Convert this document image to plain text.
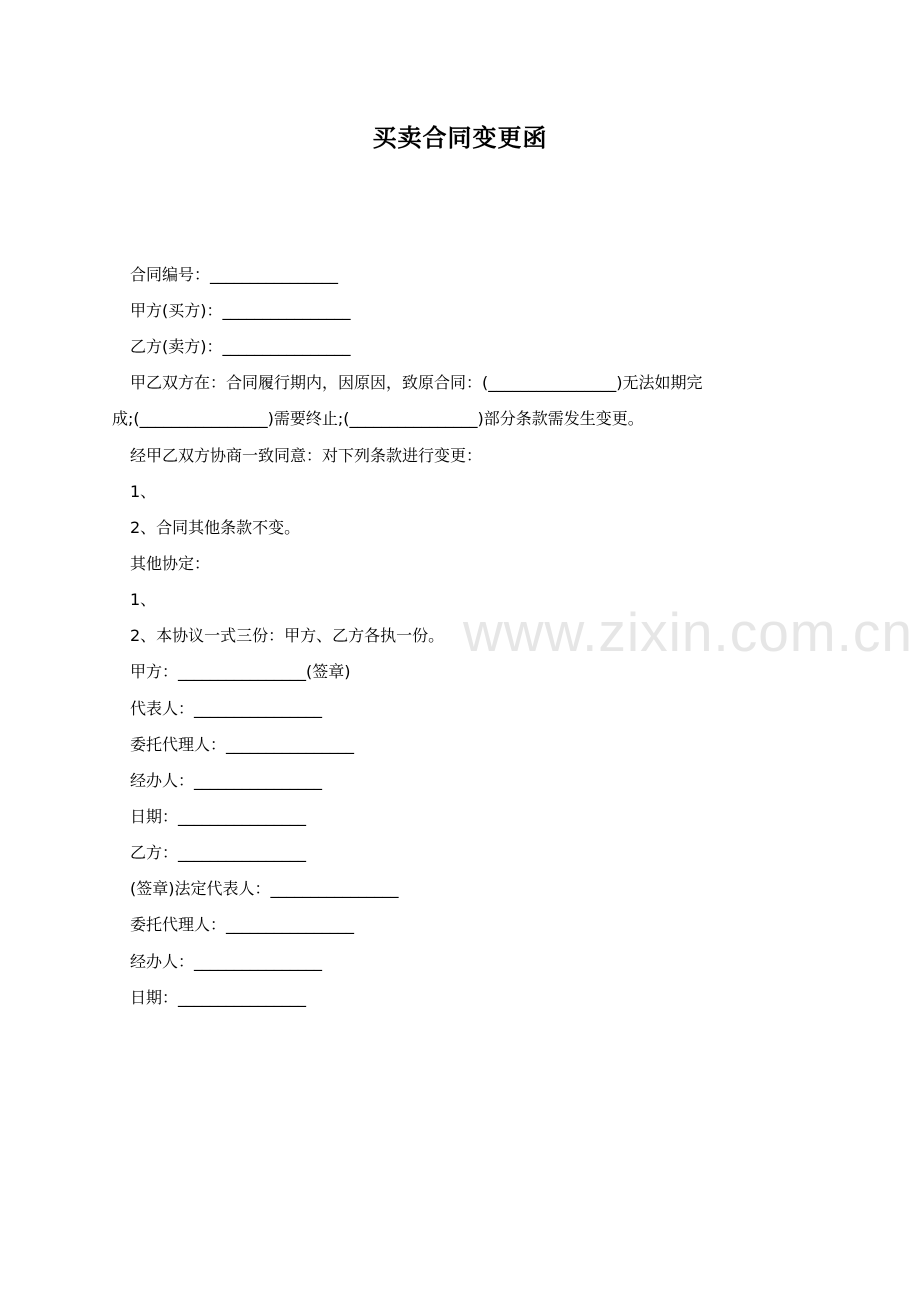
www.zixin.com.cn
买卖合同变更函
合同编号：________________
甲方(买方)：________________
乙方(卖方)：________________
甲乙双方在：合同履行期内，因原因，致原合同：(________________)无法如期完
成;(________________)需要终止;(________________)部分条款需发生变更。
经甲乙双方协商一致同意：对下列条款进行变更：
1、
2、合同其他条款不变。
其他协定：
1、
2、本协议一式三份：甲方、乙方各执一份。
甲方：________________(签章)
代表人：________________
委托代理人：________________
经办人：________________
日期：________________
乙方：________________
(签章)法定代表人：________________
委托代理人：________________
经办人：________________
日期：________________
